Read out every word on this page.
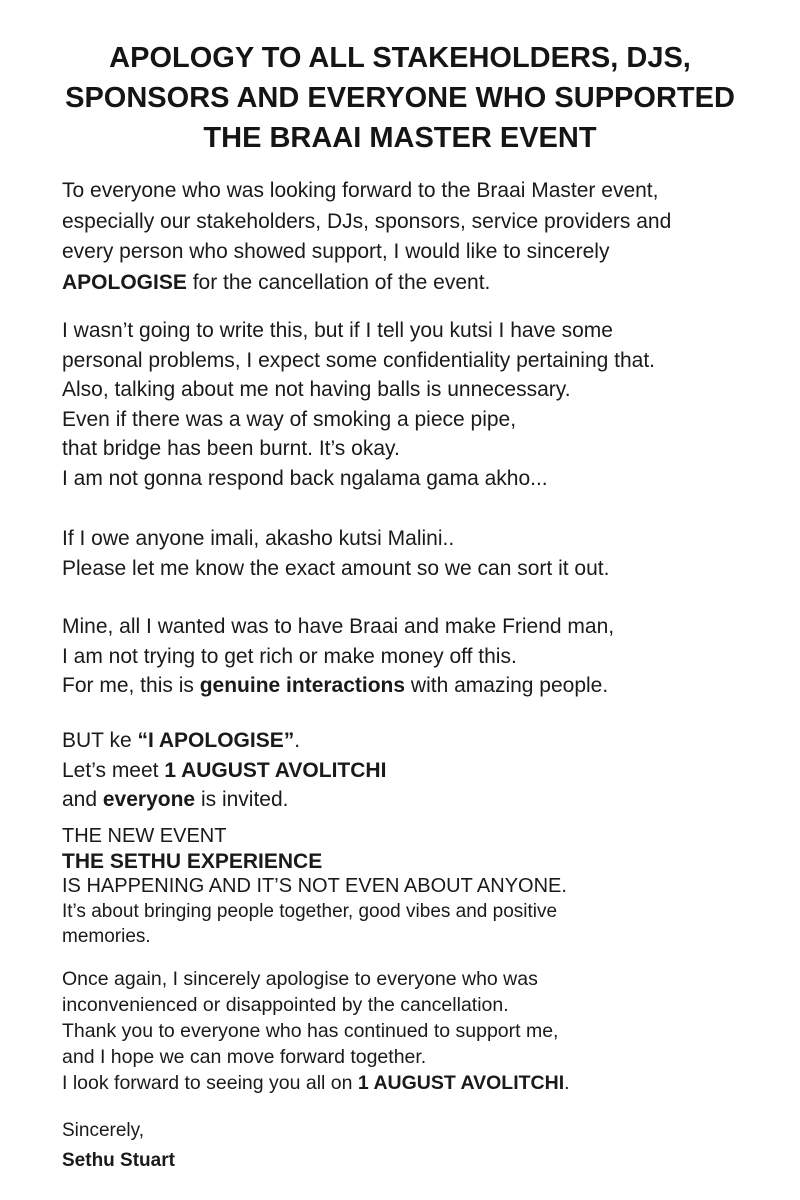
APOLOGY TO ALL STAKEHOLDERS, DJS,
SPONSORS AND EVERYONE WHO SUPPORTED
THE BRAAI MASTER EVENT

To everyone who was looking forward to the Braai Master event,
especially our stakeholders, DJs, sponsors, service providers and
every person who showed support, I would like to sincerely
APOLOGISE for the cancellation of the event.

I wasn’t going to write this, but if I tell you kutsi I have some
personal problems, I expect some confidentiality pertaining that.
Also, talking about me not having balls is unnecessary.
Even if there was a way of smoking a piece pipe,
that bridge has been burnt. It’s okay.
I am not gonna respond back ngalama gama akho...

If I owe anyone imali, akasho kutsi Malini..
Please let me know the exact amount so we can sort it out.

Mine, all I wanted was to have Braai and make Friend man,
I am not trying to get rich or make money off this.
For me, this is genuine interactions with amazing people.

BUT ke “I APOLOGISE”.
Let’s meet 1 AUGUST AVOLITCHI
and everyone is invited.

THE NEW EVENT
THE SETHU EXPERIENCE
IS HAPPENING AND IT’S NOT EVEN ABOUT ANYONE.
It’s about bringing people together, good vibes and positive
memories.

Once again, I sincerely apologise to everyone who was
inconvenienced or disappointed by the cancellation.
Thank you to everyone who has continued to support me,
and I hope we can move forward together.
I look forward to seeing you all on 1 AUGUST AVOLITCHI.

Sincerely,
Sethu Stuart
